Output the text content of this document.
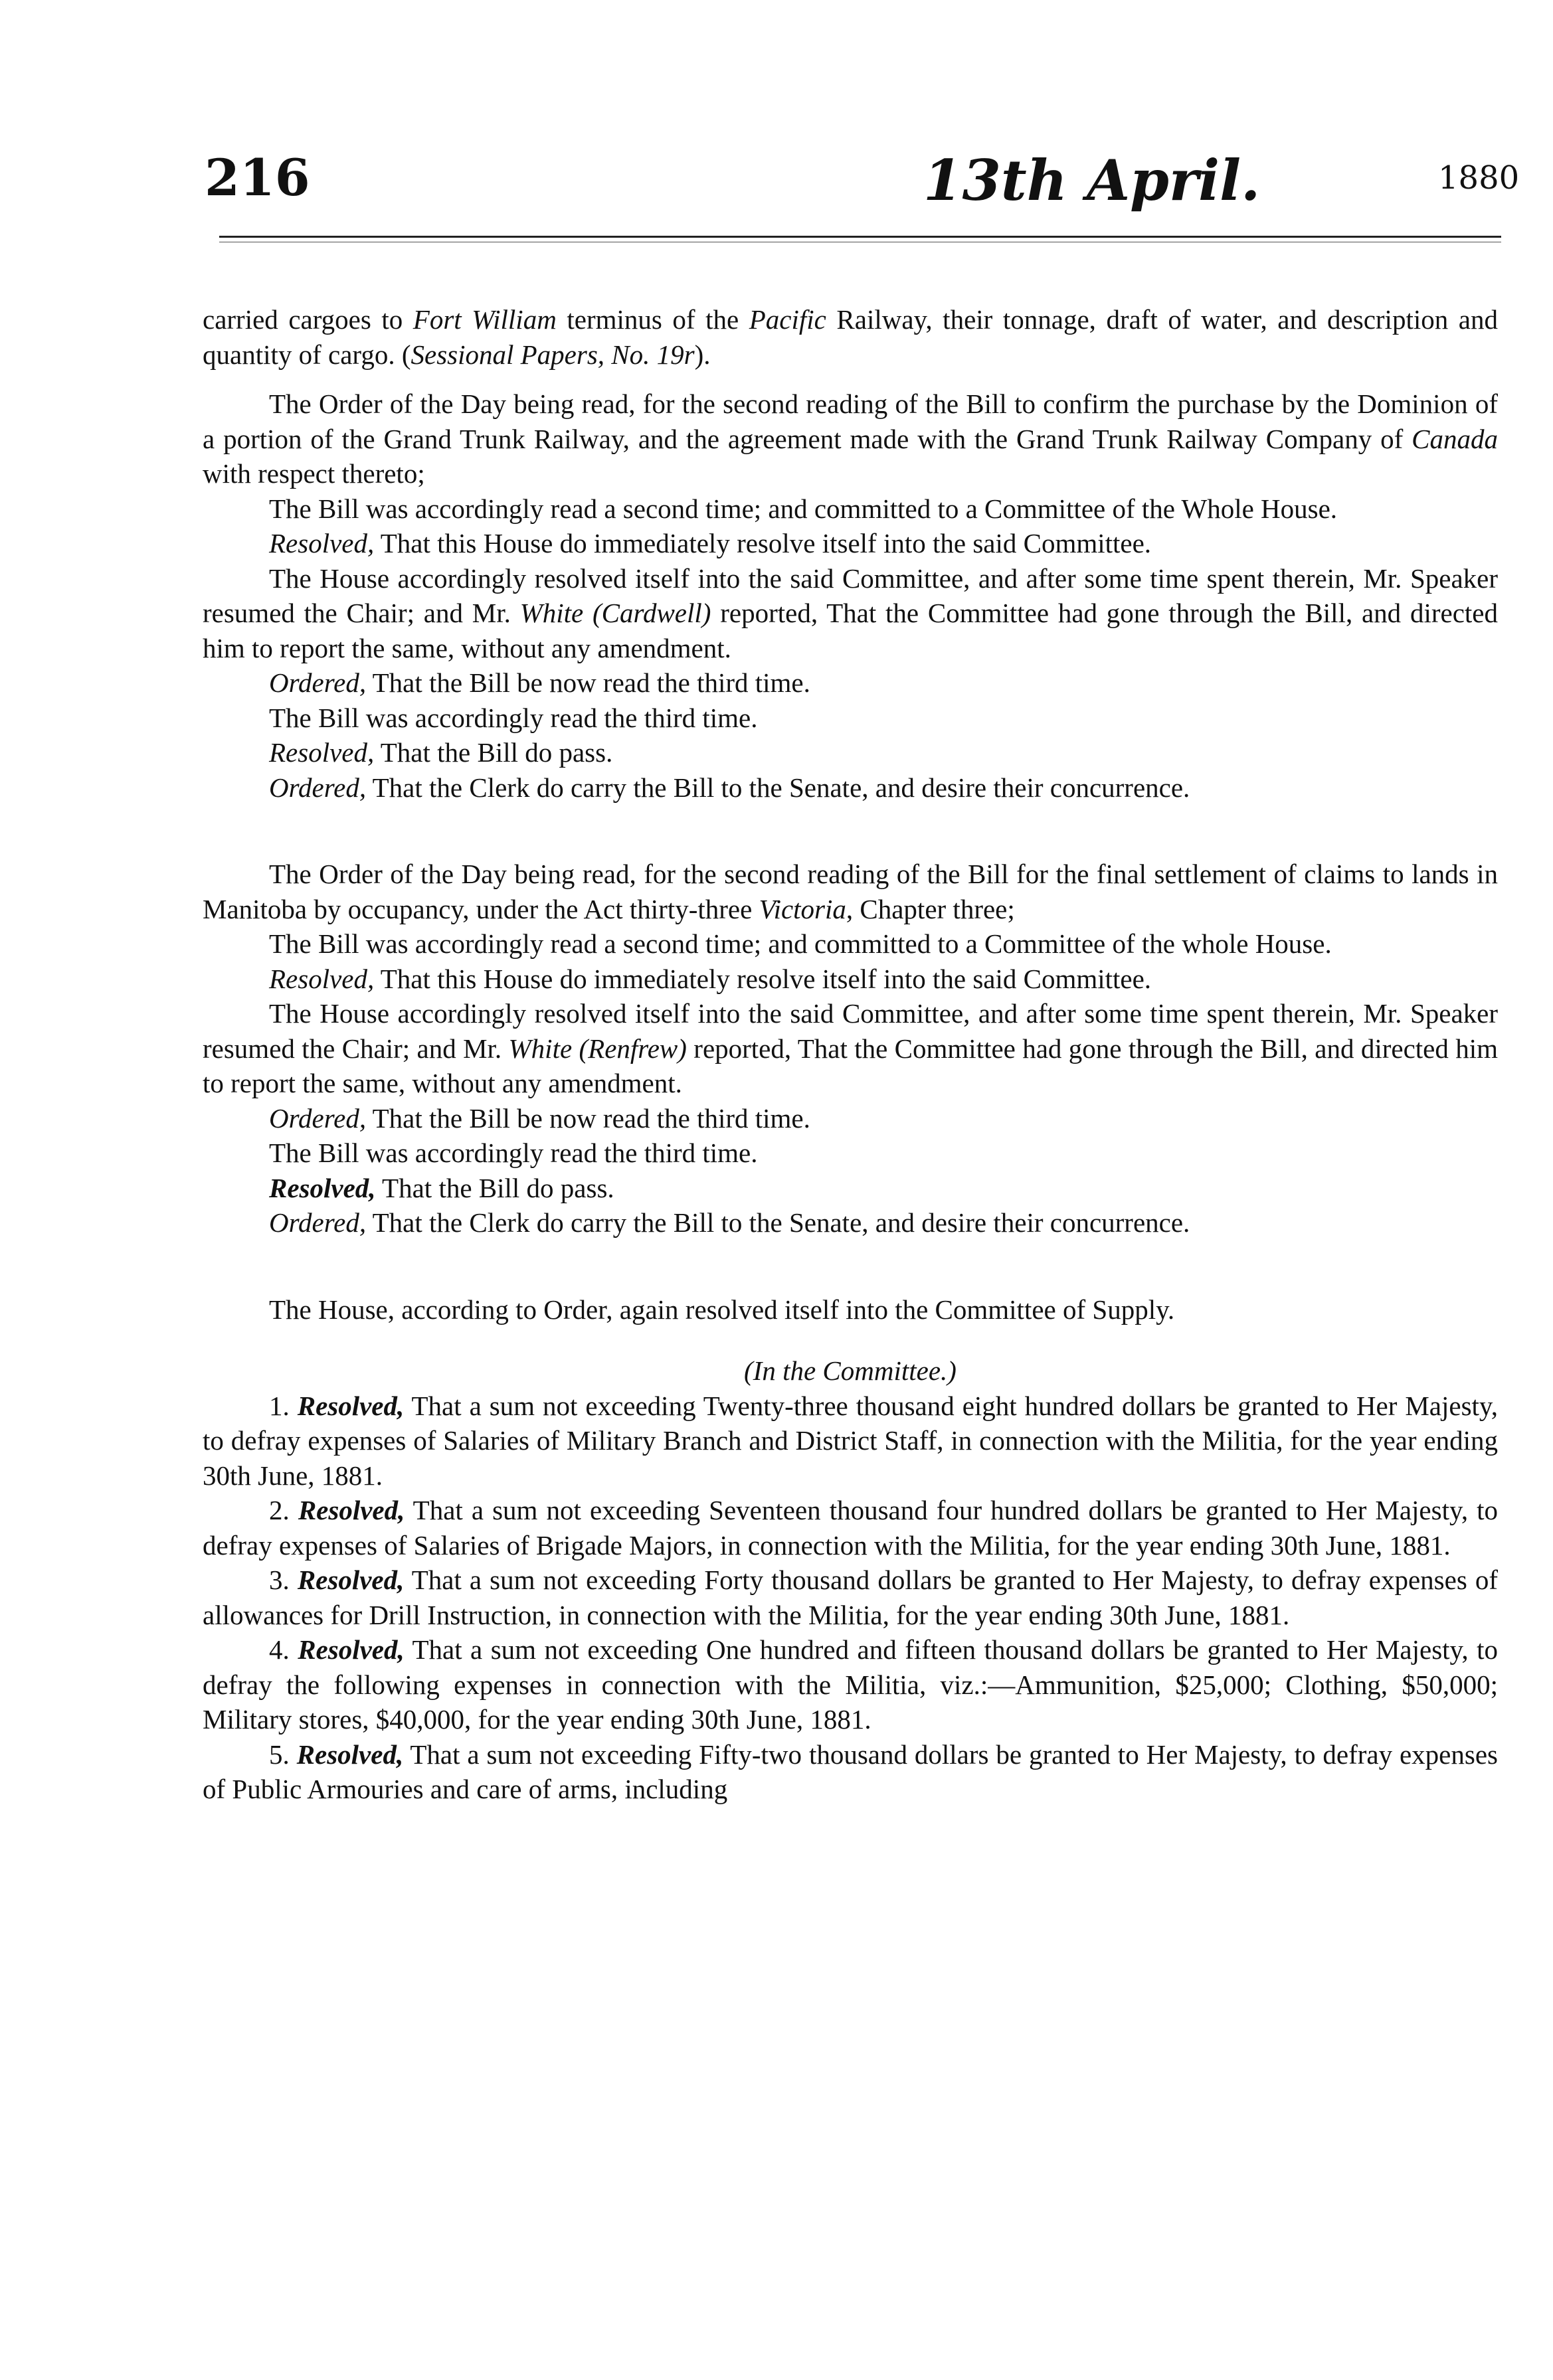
216	13th April.	1880

carried cargoes to Fort William terminus of the Pacific Railway, their tonnage, draft of water, and description and quantity of cargo. (Sessional Papers, No. 19r).

The Order of the Day being read, for the second reading of the Bill to confirm the purchase by the Dominion of a portion of the Grand Trunk Railway, and the agreement made with the Grand Trunk Railway Company of Canada with respect thereto;

The Bill was accordingly read a second time; and committed to a Committee of the Whole House.

Resolved, That this House do immediately resolve itself into the said Committee.

The House accordingly resolved itself into the said Committee, and after some time spent therein, Mr. Speaker resumed the Chair; and Mr. White (Cardwell) reported, That the Committee had gone through the Bill, and directed him to report the same, without any amendment.

Ordered, That the Bill be now read the third time.

The Bill was accordingly read the third time.

Resolved, That the Bill do pass.

Ordered, That the Clerk do carry the Bill to the Senate, and desire their concurrence.

The Order of the Day being read, for the second reading of the Bill for the final settlement of claims to lands in Manitoba by occupancy, under the Act thirty-three Victoria, Chapter three;

The Bill was accordingly read a second time; and committed to a Committee of the whole House.

Resolved, That this House do immediately resolve itself into the said Committee.

The House accordingly resolved itself into the said Committee, and after some time spent therein, Mr. Speaker resumed the Chair; and Mr. White (Renfrew) reported, That the Committee had gone through the Bill, and directed him to report the same, without any amendment.

Ordered, That the Bill be now read the third time.

The Bill was accordingly read the third time.

Resolved, That the Bill do pass.

Ordered, That the Clerk do carry the Bill to the Senate, and desire their concurrence.

The House, according to Order, again resolved itself into the Committee of Supply.

(In the Committee.)

1. Resolved, That a sum not exceeding Twenty-three thousand eight hundred dollars be granted to Her Majesty, to defray expenses of Salaries of Military Branch and District Staff, in connection with the Militia, for the year ending 30th June, 1881.

2. Resolved, That a sum not exceeding Seventeen thousand four hundred dollars be granted to Her Majesty, to defray expenses of Salaries of Brigade Majors, in connection with the Militia, for the year ending 30th June, 1881.

3. Resolved, That a sum not exceeding Forty thousand dollars be granted to Her Majesty, to defray expenses of allowances for Drill Instruction, in connection with the Militia, for the year ending 30th June, 1881.

4. Resolved, That a sum not exceeding One hundred and fifteen thousand dollars be granted to Her Majesty, to defray the following expenses in connection with the Militia, viz.:—Ammunition, $25,000; Clothing, $50,000; Military stores, $40,000, for the year ending 30th June, 1881.

5. Resolved, That a sum not exceeding Fifty-two thousand dollars be granted to Her Majesty, to defray expenses of Public Armouries and care of arms, including
